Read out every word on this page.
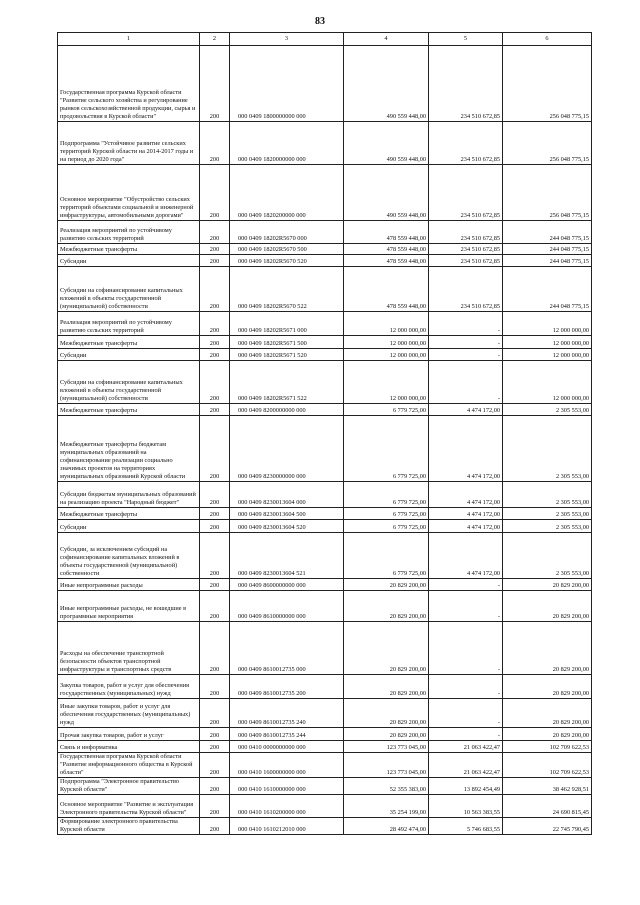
83
1	2	3	4	5	6
Государственная программа Курской области "Развитие сельского хозяйства и регулирование рынков сельскохозяйственной продукции, сырья и продовольствия в Курской области"	200	000 0409 1800000000 000	490 559 448,00	234 510 672,85	256 048 775,15
Подпрограмма "Устойчивое развитие сельских территорий Курской области на 2014-2017 годы и на период до 2020 года"	200	000 0409 1820000000 000	490 559 448,00	234 510 672,85	256 048 775,15
Основное мероприятие "Обустройство сельских территорий объектами социальной и инженерной инфраструктуры, автомобильными дорогами"	200	000 0409 1820200000 000	490 559 448,00	234 510 672,85	256 048 775,15
Реализация мероприятий по устойчивому развитию сельских территорий	200	000 0409 18202R5670 000	478 559 448,00	234 510 672,85	244 048 775,15
Межбюджетные трансферты	200	000 0409 18202R5670 500	478 559 448,00	234 510 672,85	244 048 775,15
Субсидии	200	000 0409 18202R5670 520	478 559 448,00	234 510 672,85	244 048 775,15
Субсидии на софинансирование капитальных вложений в объекты государственной (муниципальной) собственности	200	000 0409 18202R5670 522	478 559 448,00	234 510 672,85	244 048 775,15
Реализация мероприятий по устойчивому развитию сельских территорий	200	000 0409 18202R5671 000	12 000 000,00	-	12 000 000,00
Межбюджетные трансферты	200	000 0409 18202R5671 500	12 000 000,00	-	12 000 000,00
Субсидии	200	000 0409 18202R5671 520	12 000 000,00	-	12 000 000,00
Субсидии на софинансирование капитальных вложений в объекты государственной (муниципальной) собственности	200	000 0409 18202R5671 522	12 000 000,00	-	12 000 000,00
Межбюджетные трансферты	200	000 0409 8200000000 000	6 779 725,00	4 474 172,00	2 305 553,00
Межбюджетные трансферты бюджетам муниципальных образований на софинансирование реализации социально значимых проектов на территориях муниципальных образований Курской области	200	000 0409 8230000000 000	6 779 725,00	4 474 172,00	2 305 553,00
Субсидии бюджетам муниципальных образований на реализацию проекта "Народный бюджет"	200	000 0409 8230013604 000	6 779 725,00	4 474 172,00	2 305 553,00
Межбюджетные трансферты	200	000 0409 8230013604 500	6 779 725,00	4 474 172,00	2 305 553,00
Субсидии	200	000 0409 8230013604 520	6 779 725,00	4 474 172,00	2 305 553,00
Субсидии, за исключением субсидий на софинансирование капитальных вложений в объекты государственной (муниципальной) собственности	200	000 0409 8230013604 521	6 779 725,00	4 474 172,00	2 305 553,00
Иные непрограммные расходы	200	000 0409 8600000000 000	20 829 200,00	-	20 829 200,00
Иные непрограммные расходы, не вошедшие в программные мероприятия	200	000 0409 8610000000 000	20 829 200,00	-	20 829 200,00
Расходы на обеспечение транспортной безопасности объектов транспортной инфраструктуры и транспортных средств	200	000 0409 8610012735 000	20 829 200,00	-	20 829 200,00
Закупка товаров, работ и услуг для обеспечения государственных (муниципальных) нужд	200	000 0409 8610012735 200	20 829 200,00	-	20 829 200,00
Иные закупки товаров, работ и услуг для обеспечения государственных (муниципальных) нужд	200	000 0409 8610012735 240	20 829 200,00	-	20 829 200,00
Прочая закупка товаров, работ и услуг	200	000 0409 8610012735 244	20 829 200,00	-	20 829 200,00
Связь и информатика	200	000 0410 0000000000 000	123 773 045,00	21 063 422,47	102 709 622,53
Государственная программа Курской области "Развитие информационного общества в Курской области"	200	000 0410 1600000000 000	123 773 045,00	21 063 422,47	102 709 622,53
Подпрограмма "Электронное правительство Курской области"	200	000 0410 1610000000 000	52 355 383,00	13 892 454,49	38 462 928,51
Основное мероприятие "Развитие и эксплуатация Электронного правительства Курской области"	200	000 0410 1610200000 000	35 254 199,00	10 563 383,55	24 690 815,45
Формирование электронного правительства Курской области	200	000 0410 1610212010 000	28 492 474,00	5 746 683,55	22 745 790,45
